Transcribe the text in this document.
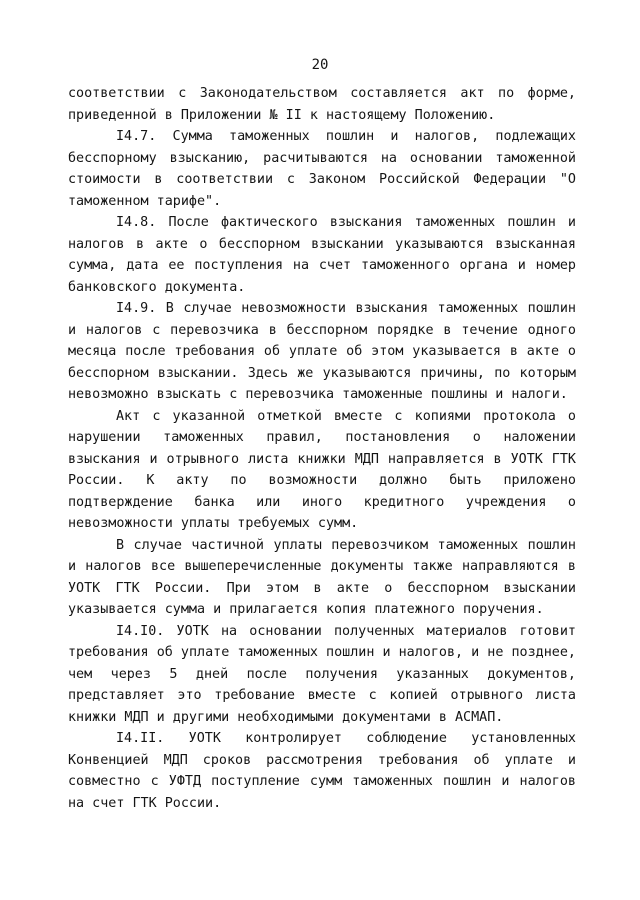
20

соответствии с Законодательством составляется акт по форме, приведенной в Приложении № II к настоящему Положению.

I4.7. Сумма таможенных пошлин и налогов, подлежащих бесспорному взысканию, расчитываются на основании таможенной стоимости в соответствии с Законом Российской Федерации "О таможенном тарифе".

I4.8. После фактического взыскания таможенных пошлин и налогов в акте о бесспорном взыскании указываются взысканная сумма, дата ее поступления на счет таможенного органа и номер банковского документа.

I4.9. В случае невозможности взыскания таможенных пошлин и налогов с перевозчика в бесспорном порядке в течение одного месяца после требования об уплате об этом указывается в акте о бесспорном взыскании. Здесь же указываются причины, по которым невозможно взыскать с перевозчика таможенные пошлины и налоги.

Акт с указанной отметкой вместе с копиями протокола о нарушении таможенных правил, постановления о наложении взыскания и отрывного листа книжки МДП направляется в УОТК ГТК России. К акту по возможности должно быть приложено подтверждение банка или иного кредитного учреждения о невозможности уплаты требуемых сумм.

В случае частичной уплаты перевозчиком таможенных пошлин и налогов все вышеперечисленные документы также направляются в УОТК ГТК России. При этом в акте о бесспорном взыскании указывается сумма и прилагается копия платежного поручения.

I4.I0. УОТК на основании полученных материалов готовит требования об уплате таможенных пошлин и налогов, и не позднее, чем через 5 дней после получения указанных документов, представляет это требование вместе с копией отрывного листа книжки МДП и другими необходимыми документами в АСМАП.

I4.II. УОТК контролирует соблюдение установленных Конвенцией МДП сроков рассмотрения требования об уплате и совместно с УФТД поступление сумм таможенных пошлин и налогов на счет ГТК России.
